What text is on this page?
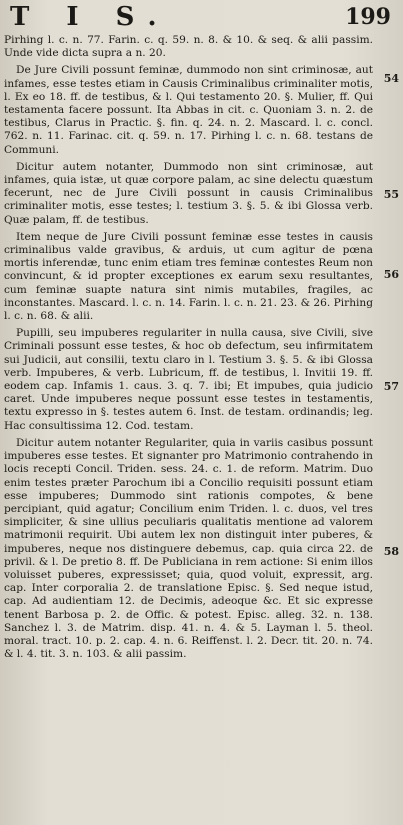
T I S.	199

Pirhing l. c. n. 77. Farin. c. q. 59. n. 8. & 10. & seq. & alii passim. Unde vide dicta supra a n. 20.

De Jure Civili possunt feminæ, dummodo non sint criminosæ, aut infames, esse testes etiam in Causis Criminalibus criminaliter motis, l. Ex eo 18. ff. de testibus, & l. Qui testamento 20. §. Mulier, ff. Qui testamenta facere possunt. Ita Abbas in cit. c. Quoniam 3. n. 2. de testibus, Clarus in Practic. §. fin. q. 24. n. 2. Mascard. l. c. concl. 762. n. 11. Farinac. cit. q. 59. n. 17. Pirhing l. c. n. 68. testans de Communi.

Dicitur autem notanter, Dummodo non sint criminosæ, aut infames, quia istæ, ut quæ corpore palam, ac sine delectu quæstum fecerunt, nec de Jure Civili possunt in causis Criminalibus criminaliter motis, esse testes; l. testium 3. §. 5. & ibi Glossa verb. Quæ palam, ff. de testibus.

Item neque de Jure Civili possunt feminæ esse testes in causis criminalibus valde gravibus, & arduis, ut cum agitur de pœna mortis inferendæ, tunc enim etiam tres feminæ contestes Reum non convincunt, & id propter exceptiones ex earum sexu resultantes, cum feminæ suapte natura sint nimis mutabiles, fragiles, ac inconstantes. Mascard. l. c. n. 14. Farin. l. c. n. 21. 23. & 26. Pirhing l. c. n. 68. & alii.

Pupilli, seu impuberes regulariter in nulla causa, sive Civili, sive Criminali possunt esse testes, & hoc ob defectum, seu infirmitatem sui Judicii, aut consilii, textu claro in l. Testium 3. §. 5. & ibi Glossa verb. Impuberes, & verb. Lubricum, ff. de testibus, l. Invitii 19. ff. eodem cap. Infamis 1. caus. 3. q. 7. ibi; Et impubes, quia judicio caret. Unde impuberes neque possunt esse testes in testamentis, textu expresso in §. testes autem 6. Inst. de testam. ordinandis; leg. Hac consultissima 12. Cod. testam.

Dicitur autem notanter Regulariter, quia in variis casibus possunt impuberes esse testes. Et signanter pro Matrimonio contrahendo in locis recepti Concil. Triden. sess. 24. c. 1. de reform. Matrim. Duo enim testes præter Parochum ibi a Concilio requisiti possunt etiam esse impuberes; Dummodo sint rationis compotes, & bene percipiant, quid agatur; Concilium enim Triden. l. c. duos, vel tres simpliciter, & sine ullius peculiaris qualitatis mentione ad valorem matrimonii requirit. Ubi autem lex non distinguit inter puberes, & impuberes, neque nos distinguere debemus, cap. quia circa 22. de privil. & l. De pretio 8. ff. De Publiciana in rem actione: Si enim illos voluisset puberes, expressisset; quia, quod voluit, expressit, arg. cap. Inter corporalia 2. de translatione Episc. §. Sed neque istud, cap. Ad audientiam 12. de Decimis, adeoque &c. Et sic expresse tenent Barbosa p. 2. de Offic. & potest. Episc. alleg. 32. n. 138. Sanchez l. 3. de Matrim. disp. 41. n. 4. & 5. Layman l. 5. theol. moral. tract. 10. p. 2. cap. 4. n. 6. Reiffenst. l. 2. Decr. tit. 20. n. 74. & l. 4. tit. 3. n. 103. & alii passim.

54
55
56
57
58
